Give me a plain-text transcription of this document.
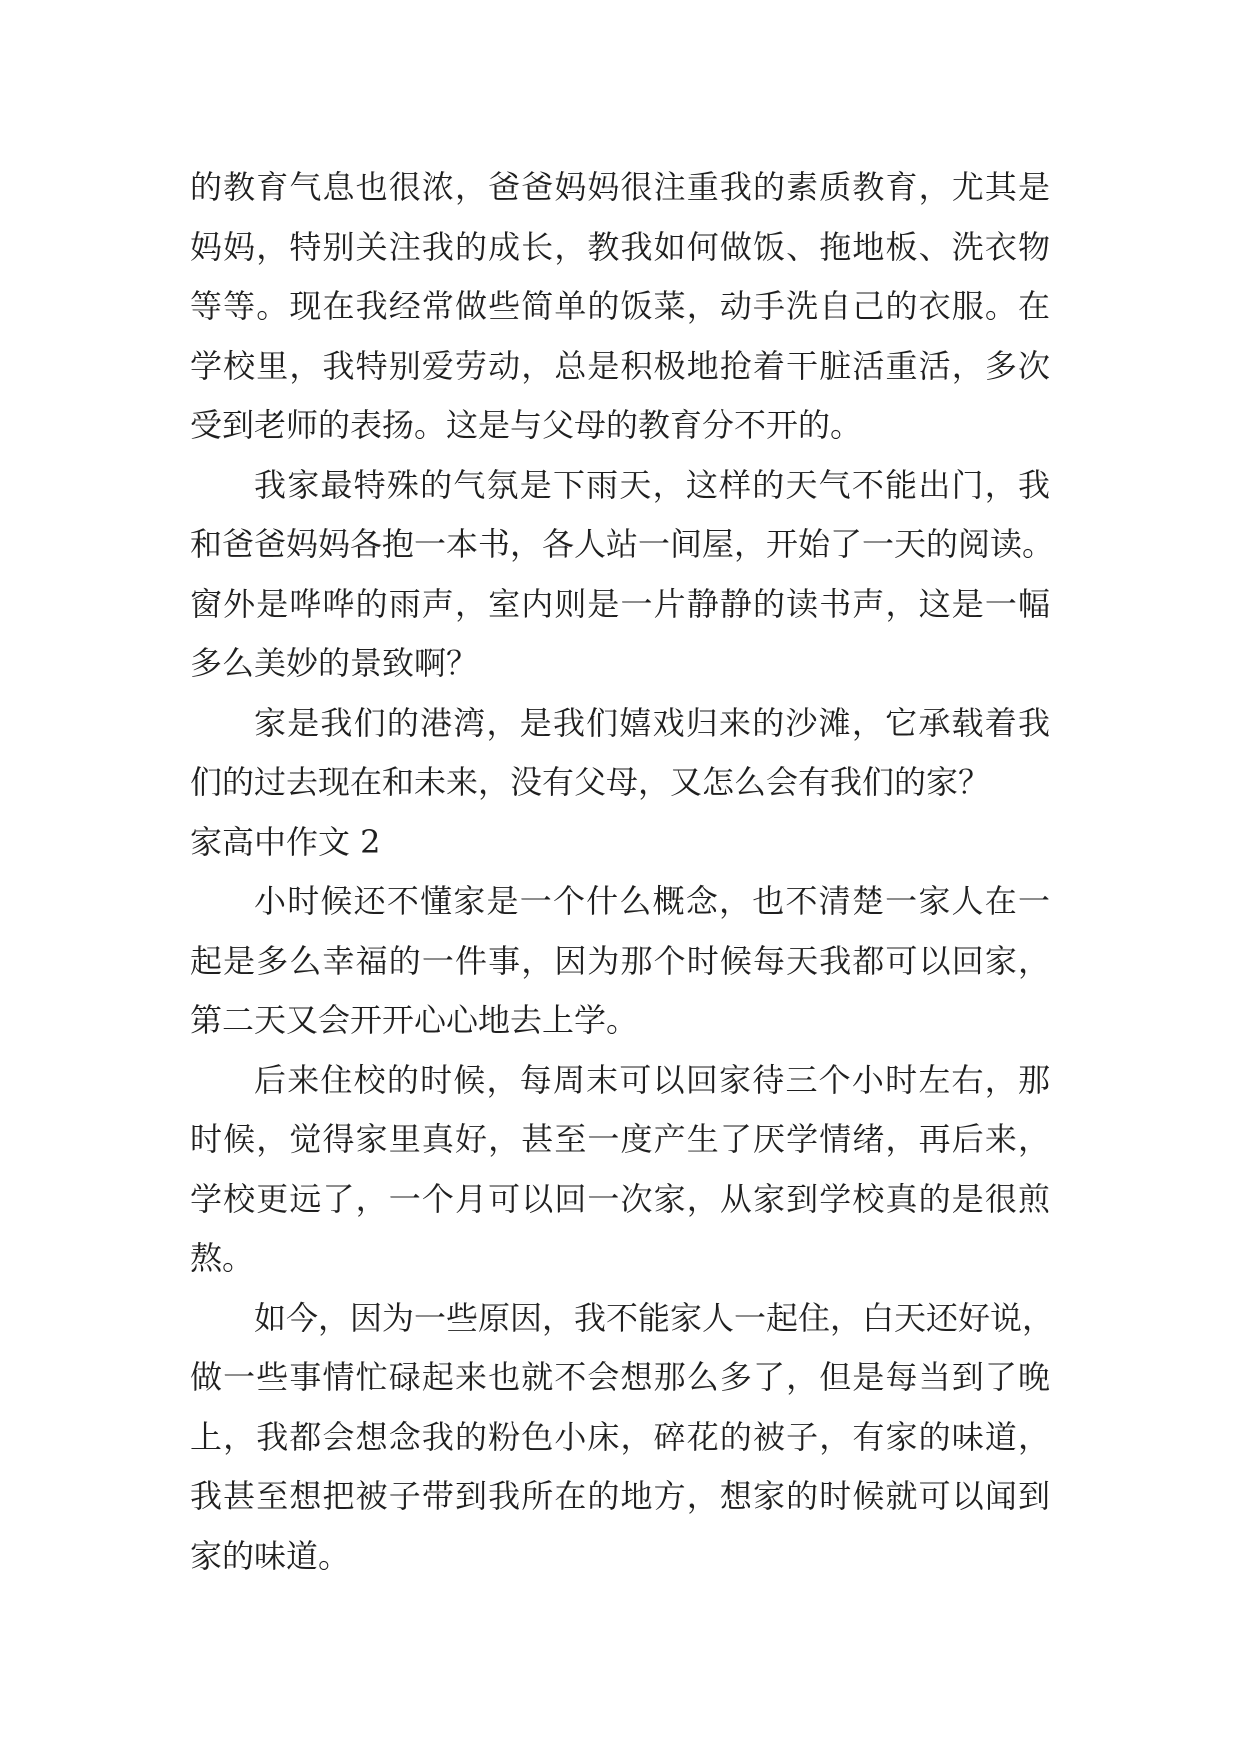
的教育气息也很浓，爸爸妈妈很注重我的素质教育，尤其是
妈妈，特别关注我的成长，教我如何做饭、拖地板、洗衣物
等等。现在我经常做些简单的饭菜，动手洗自己的衣服。在
学校里，我特别爱劳动，总是积极地抢着干脏活重活，多次
受到老师的表扬。这是与父母的教育分不开的。
我家最特殊的气氛是下雨天，这样的天气不能出门，我
和爸爸妈妈各抱一本书，各人站一间屋，开始了一天的阅读。
窗外是哗哗的雨声，室内则是一片静静的读书声，这是一幅
多么美妙的景致啊？
家是我们的港湾，是我们嬉戏归来的沙滩，它承载着我
们的过去现在和未来，没有父母，又怎么会有我们的家？
家高中作文 2
小时候还不懂家是一个什么概念，也不清楚一家人在一
起是多么幸福的一件事，因为那个时候每天我都可以回家，
第二天又会开开心心地去上学。
后来住校的时候，每周末可以回家待三个小时左右，那
时候，觉得家里真好，甚至一度产生了厌学情绪，再后来，
学校更远了，一个月可以回一次家，从家到学校真的是很煎
熬。
如今，因为一些原因，我不能家人一起住，白天还好说，
做一些事情忙碌起来也就不会想那么多了，但是每当到了晚
上，我都会想念我的粉色小床，碎花的被子，有家的味道，
我甚至想把被子带到我所在的地方，想家的时候就可以闻到
家的味道。
